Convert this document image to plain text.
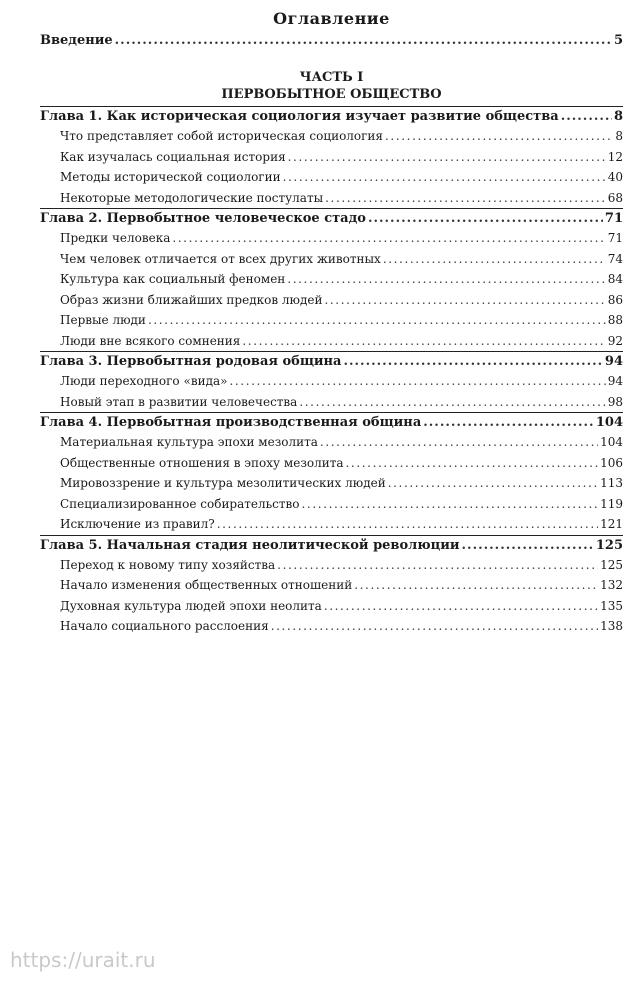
Оглавление
Введение .....	5
ЧАСТЬ I
ПЕРВОБЫТНОЕ ОБЩЕСТВО
Глава 1. Как историческая социология изучает развитие общества .....	8
Что представляет собой историческая социология .....	8
Как изучалась социальная история .....	12
Методы исторической социологии .....	40
Некоторые методологические постулаты .....	68
Глава 2. Первобытное человеческое стадо .....	71
Предки человека .....	71
Чем человек отличается от всех других животных .....	74
Культура как социальный феномен .....	84
Образ жизни ближайших предков людей .....	86
Первые люди .....	88
Люди вне всякого сомнения .....	92
Глава 3. Первобытная родовая община .....	94
Люди переходного «вида» .....	94
Новый этап в развитии человечества .....	98
Глава 4. Первобытная производственная община .....	104
Материальная культура эпохи мезолита .....	104
Общественные отношения в эпоху мезолита .....	106
Мировоззрение и культура мезолитических людей .....	113
Специализированное собирательство .....	119
Исключение из правил? .....	121
Глава 5. Начальная стадия неолитической революции .....	125
Переход к новому типу хозяйства .....	125
Начало изменения общественных отношений .....	132
Духовная культура людей эпохи неолита .....	135
Начало социального расслоения .....	138
https://urait.ru
